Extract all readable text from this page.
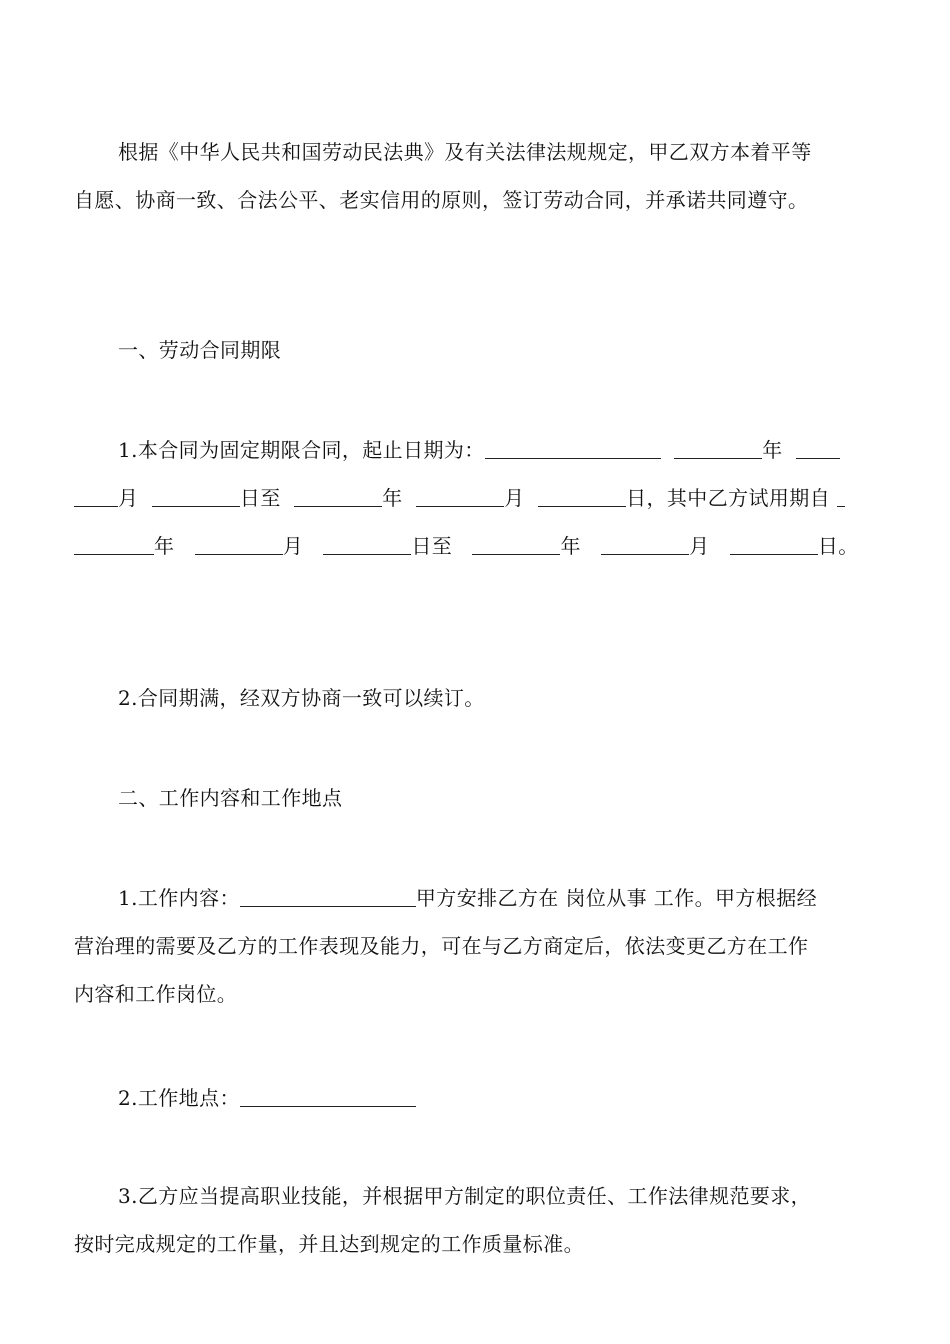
根据《中华人民共和国劳动民法典》及有关法律法规规定，甲乙双方本着平等
自愿、协商一致、合法公平、老实信用的原则，签订劳动合同，并承诺共同遵守。
一、劳动合同期限
1.本合同为固定期限合同，起止日期为：	年
月	日至	年	月	日，其中乙方试用期自
年	月	日至	年	月	日。
2.合同期满，经双方协商一致可以续订。
二、工作内容和工作地点
1.工作内容：	甲方安排乙方在 岗位从事 工作。甲方根据经
营治理的需要及乙方的工作表现及能力，可在与乙方商定后，依法变更乙方在工作
内容和工作岗位。
2.工作地点：
3.乙方应当提高职业技能，并根据甲方制定的职位责任、工作法律规范要求，
按时完成规定的工作量，并且达到规定的工作质量标准。
